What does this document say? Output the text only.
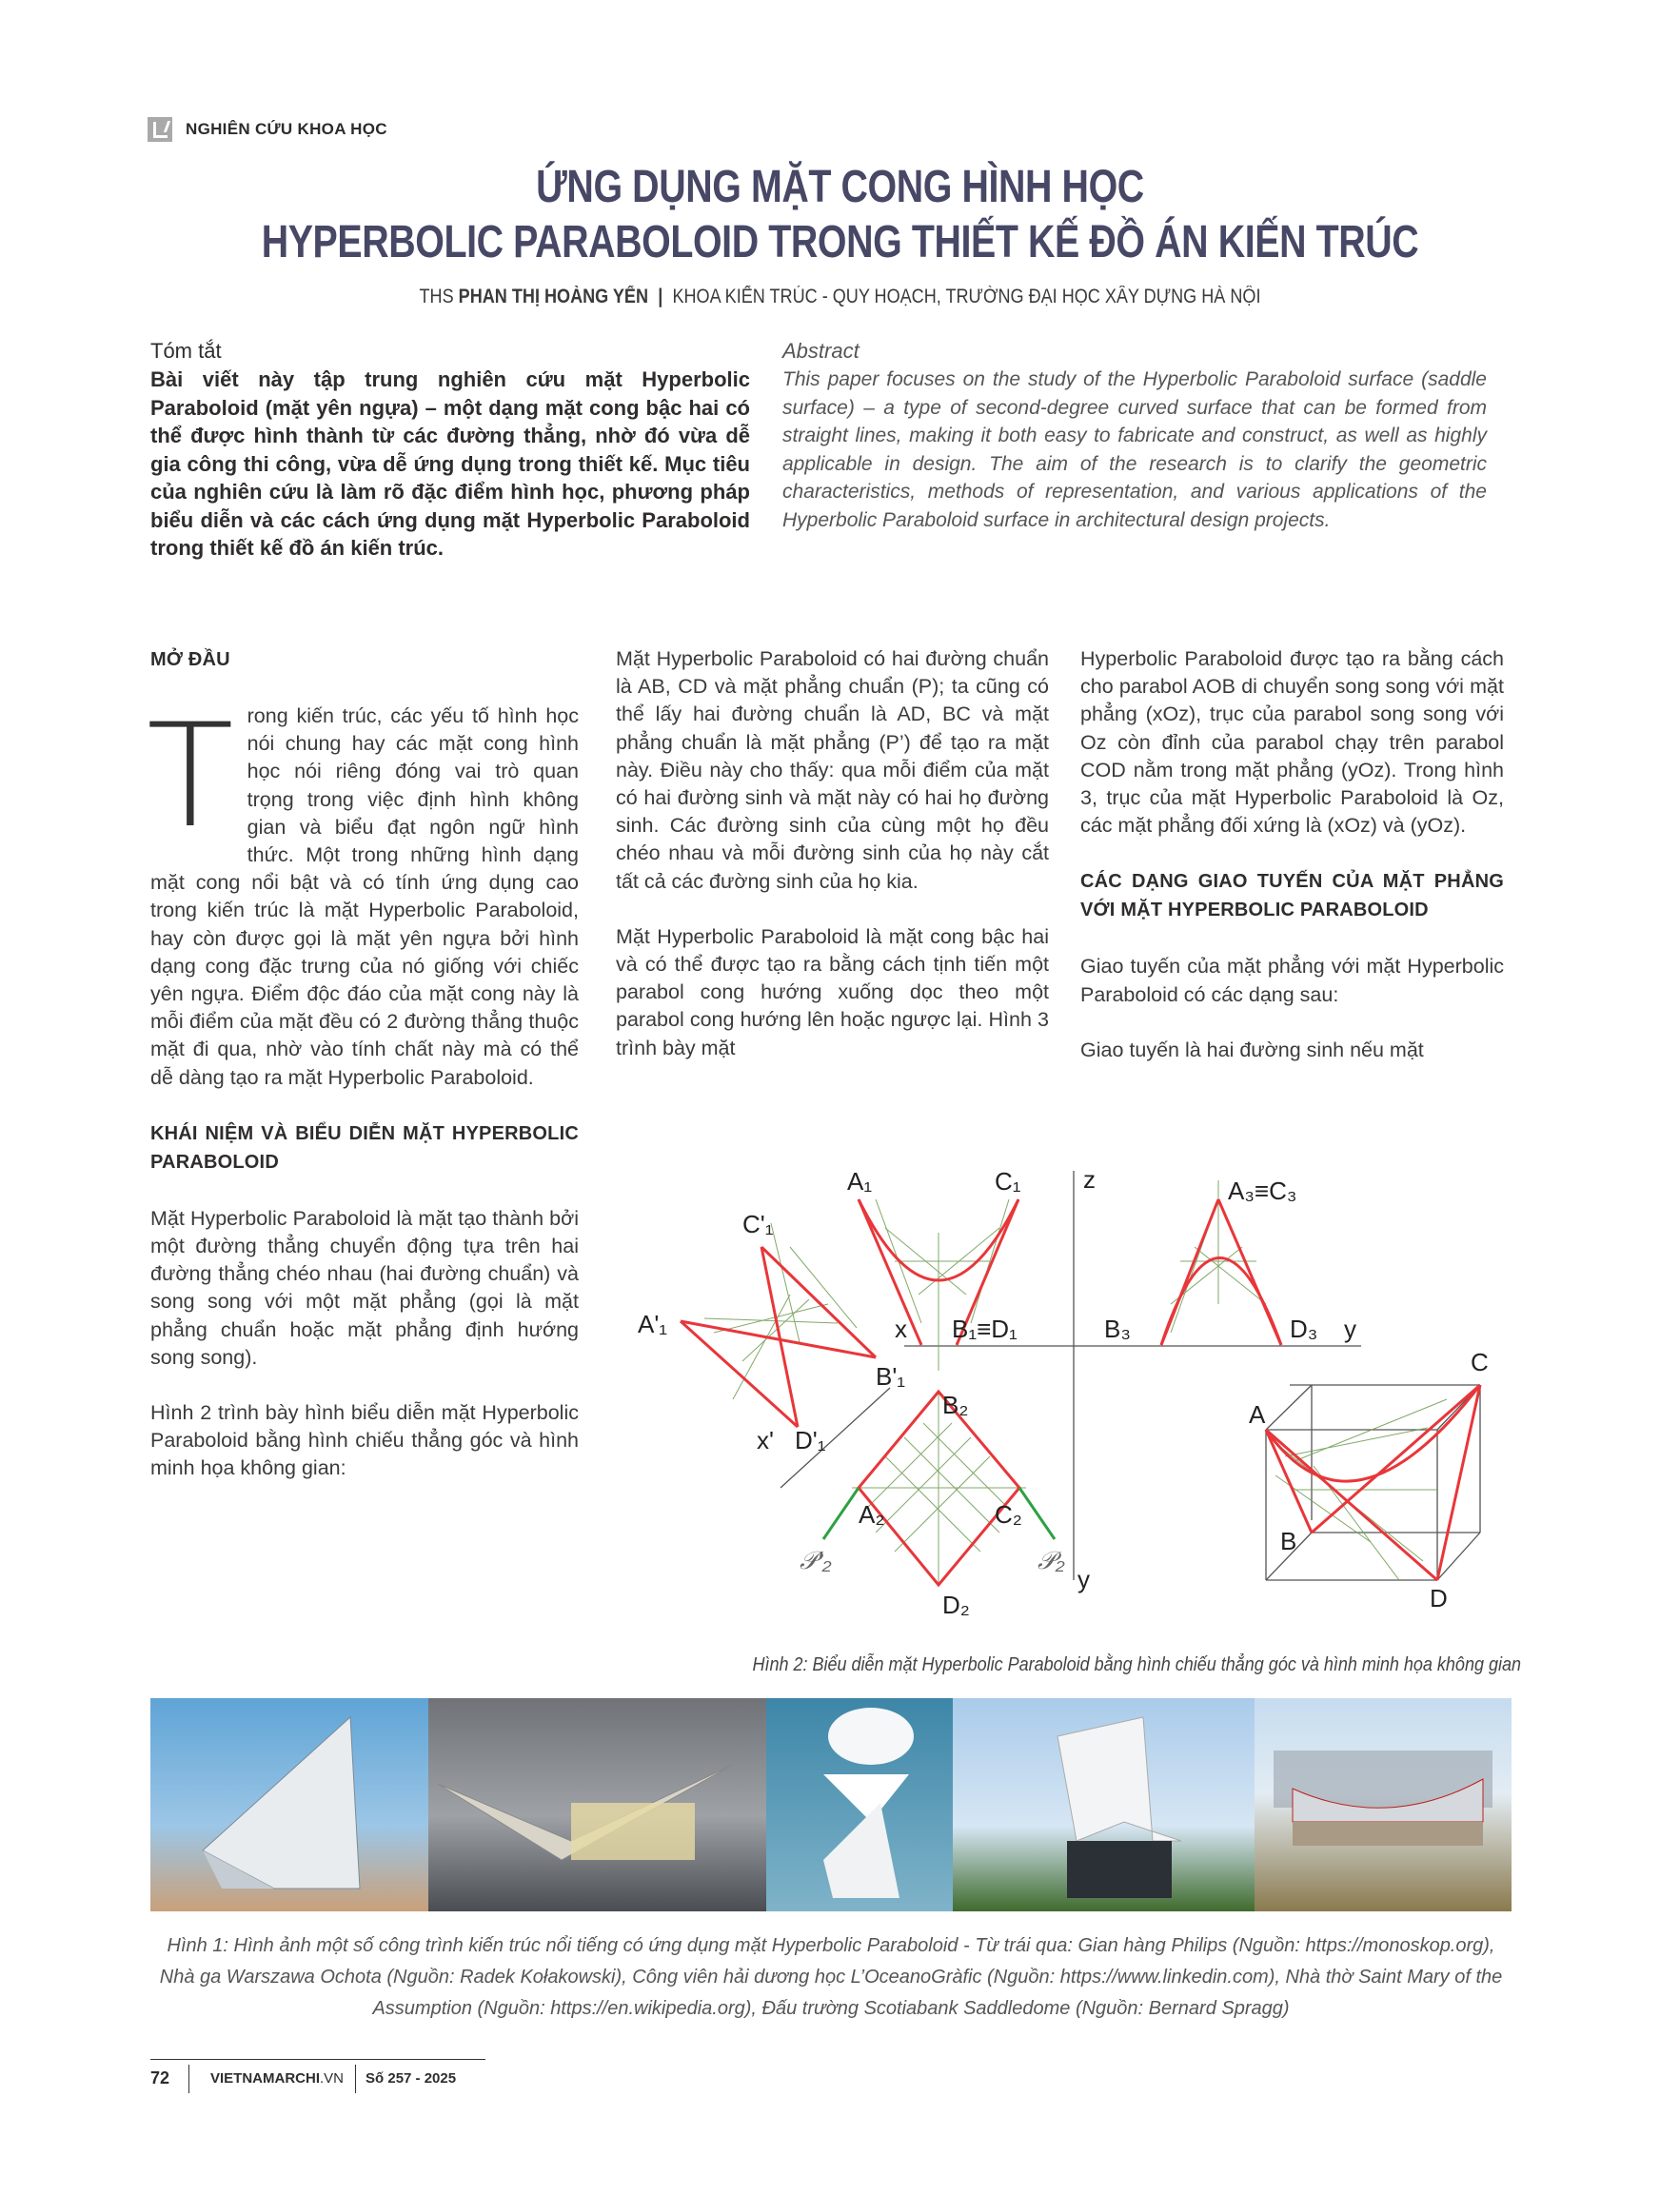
NGHIÊN CỨU KHOA HỌC
ỨNG DỤNG MẶT CONG HÌNH HỌC
HYPERBOLIC PARABOLOID TRONG THIẾT KẾ ĐỒ ÁN KIẾN TRÚC
THS PHAN THỊ HOÀNG YẾN | KHOA KIẾN TRÚC - QUY HOẠCH, TRƯỜNG ĐẠI HỌC XÂY DỰNG HÀ NỘI
Tóm tắt
Bài viết này tập trung nghiên cứu mặt Hyperbolic Paraboloid (mặt yên ngựa) – một dạng mặt cong bậc hai có thể được hình thành từ các đường thẳng, nhờ đó vừa dễ gia công thi công, vừa dễ ứng dụng trong thiết kế. Mục tiêu của nghiên cứu là làm rõ đặc điểm hình học, phương pháp biểu diễn và các cách ứng dụng mặt Hyperbolic Paraboloid trong thiết kế đồ án kiến trúc.
Abstract
This paper focuses on the study of the Hyperbolic Paraboloid surface (saddle surface) – a type of second-degree curved surface that can be formed from straight lines, making it both easy to fabricate and construct, as well as highly applicable in design. The aim of the research is to clarify the geometric characteristics, methods of representation, and various applications of the Hyperbolic Paraboloid surface in architectural design projects.
MỞ ĐẦU

Trong kiến trúc, các yếu tố hình học nói chung hay các mặt cong hình học nói riêng đóng vai trò quan trọng trong việc định hình không gian và biểu đạt ngôn ngữ hình thức. Một trong những hình dạng mặt cong nổi bật và có tính ứng dụng cao trong kiến trúc là mặt Hyperbolic Paraboloid, hay còn được gọi là mặt yên ngựa bởi hình dạng cong đặc trưng của nó giống với chiếc yên ngựa. Điểm độc đáo của mặt cong này là mỗi điểm của mặt đều có 2 đường thẳng thuộc mặt đi qua, nhờ vào tính chất này mà có thể dễ dàng tạo ra mặt Hyperbolic Paraboloid.

KHÁI NIỆM VÀ BIỂU DIỄN MẶT HYPERBOLIC PARABOLOID

Mặt Hyperbolic Paraboloid là mặt tạo thành bởi một đường thẳng chuyển động tựa trên hai đường thẳng chéo nhau (hai đường chuẩn) và song song với một mặt phẳng (gọi là mặt phẳng chuẩn hoặc mặt phẳng định hướng song song).

Hình 2 trình bày hình biểu diễn mặt Hyperbolic Paraboloid bằng hình chiếu thẳng góc và hình minh họa không gian:

Mặt Hyperbolic Paraboloid có hai đường chuẩn là AB, CD và mặt phẳng chuẩn (P); ta cũng có thể lấy hai đường chuẩn là AD, BC và mặt phẳng chuẩn là mặt phẳng (P’) để tạo ra mặt này. Điều này cho thấy: qua mỗi điểm của mặt có hai đường sinh và mặt này có hai họ đường sinh. Các đường sinh của cùng một họ đều chéo nhau và mỗi đường sinh của họ này cắt tất cả các đường sinh của họ kia.

Mặt Hyperbolic Paraboloid là mặt cong bậc hai và có thể được tạo ra bằng cách tịnh tiến một parabol cong hướng xuống dọc theo một parabol cong hướng lên hoặc ngược lại. Hình 3 trình bày mặt

Hyperbolic Paraboloid được tạo ra bằng cách cho parabol AOB di chuyển song song với mặt phẳng (xOz), trục của parabol song song với Oz còn đỉnh của parabol chạy trên parabol COD nằm trong mặt phẳng (yOz). Trong hình 3, trục của mặt Hyperbolic Paraboloid là Oz, các mặt phẳng đối xứng là (xOz) và (yOz).

CÁC DẠNG GIAO TUYẾN CỦA MẶT PHẲNG VỚI MẶT HYPERBOLIC PARABOLOID

Giao tuyến của mặt phẳng với mặt Hyperbolic Paraboloid có các dạng sau:

Giao tuyến là hai đường sinh nếu mặt

A₁	C₁
C'₁
A'₁
B'₁
D'₁
x
x'
B₁≡D₁
z	A₃≡C₃
B₃	D₃ y
y
B₂
A₂	C₂
D₂
𝒫′₂	𝒫₂
A
B
C
D
Hình 2: Biểu diễn mặt Hyperbolic Paraboloid bằng hình chiếu thẳng góc và hình minh họa không gian
Hình 1: Hình ảnh một số công trình kiến trúc nổi tiếng có ứng dụng mặt Hyperbolic Paraboloid - Từ trái qua: Gian hàng Philips (Nguồn: https://monoskop.org), Nhà ga Warszawa Ochota (Nguồn: Radek Kołakowski), Công viên hải dương học L’OceanoGràfic (Nguồn: https://www.linkedin.com), Nhà thờ Saint Mary of the Assumption (Nguồn: https://en.wikipedia.org), Đấu trường Scotiabank Saddledome (Nguồn: Bernard Spragg)
72	VIETNAMARCHI.VN	Số 257 - 2025
